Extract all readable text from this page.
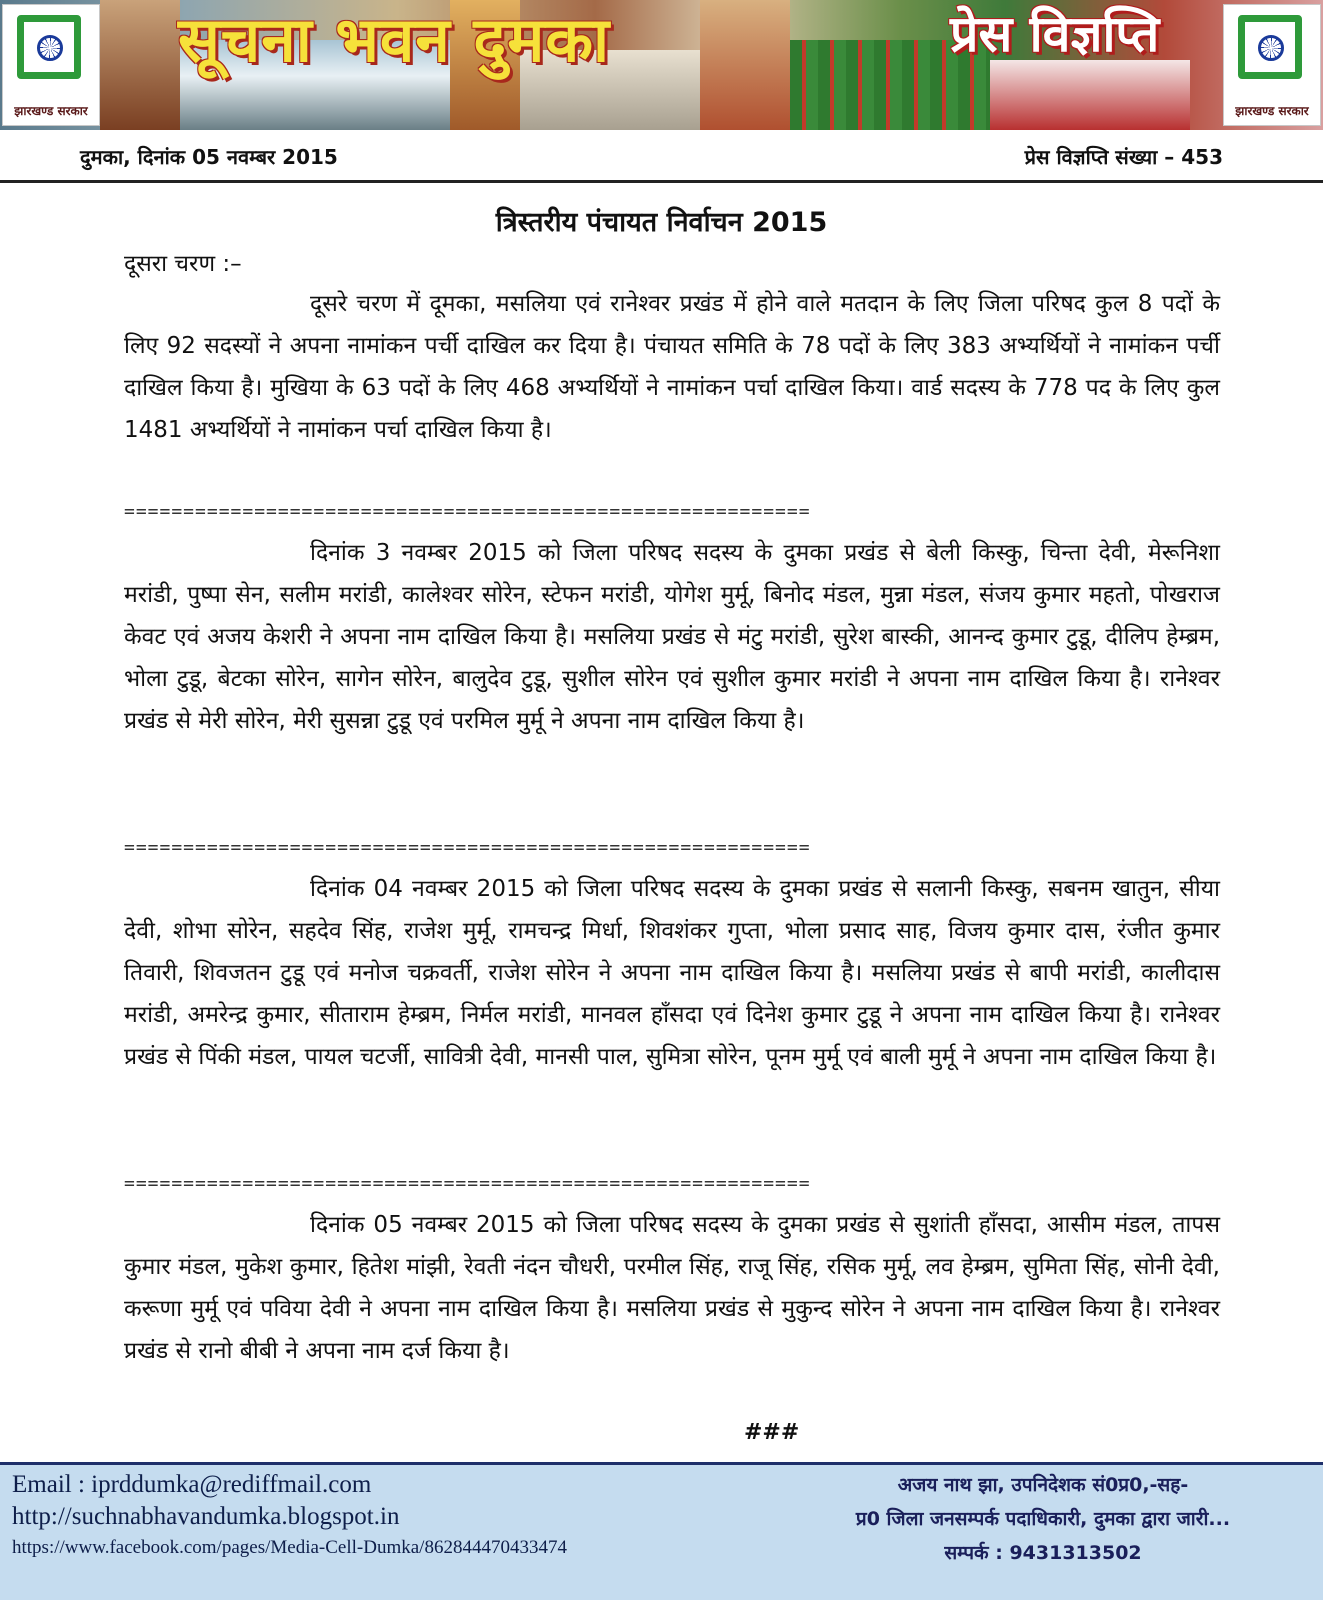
झारखण्ड सरकार
सूचना भवन दुमका	प्रेस विज्ञप्ति
झारखण्ड सरकार
दुमका, दिनांक 05 नवम्बर 2015	प्रेस विज्ञप्ति संख्या – 453
त्रिस्तरीय पंचायत निर्वाचन 2015
दूसरा चरण :–

दूसरे चरण में दूमका, मसलिया एवं रानेश्वर प्रखंड में होने वाले मतदान के लिए जिला परिषद कुल 8 पदों के लिए 92 सदस्यों ने अपना नामांकन पर्ची दाखिल कर दिया है। पंचायत समिति के 78 पदों के लिए 383 अभ्यर्थियों ने नामांकन पर्ची दाखिल किया है। मुखिया के 63 पदों के लिए 468 अभ्यर्थियों ने नामांकन पर्चा दाखिल किया। वार्ड सदस्य के 778 पद के लिए कुल 1481 अभ्यर्थियों ने नामांकन पर्चा दाखिल किया है।

==========================================================

दिनांक 3 नवम्बर 2015 को जिला परिषद सदस्य के दुमका प्रखंड से बेली किस्कु, चिन्ता देवी, मेरूनिशा मरांडी, पुष्पा सेन, सलीम मरांडी, कालेश्वर सोरेन, स्टेफन मरांडी, योगेश मुर्मू, बिनोद मंडल, मुन्ना मंडल, संजय कुमार महतो, पोखराज केवट एवं अजय केशरी ने अपना नाम दाखिल किया है। मसलिया प्रखंड से मंटु मरांडी, सुरेश बास्की, आनन्द कुमार टुडू, दीलिप हेम्ब्रम, भोला टुडू, बेटका सोरेन, सागेन सोरेन, बालुदेव टुडू, सुशील सोरेन एवं सुशील कुमार मरांडी ने अपना नाम दाखिल किया है। रानेश्वर प्रखंड से मेरी सोरेन, मेरी सुसन्ना टुडू एवं परमिल मुर्मू ने अपना नाम दाखिल किया है।

==========================================================

दिनांक 04 नवम्बर 2015 को जिला परिषद सदस्य के दुमका प्रखंड से सलानी किस्कु, सबनम खातुन, सीया देवी, शोभा सोरेन, सहदेव सिंह, राजेश मुर्मू, रामचन्द्र मिर्धा, शिवशंकर गुप्ता, भोला प्रसाद साह, विजय कुमार दास, रंजीत कुमार तिवारी, शिवजतन टुडू एवं मनोज चक्रवर्ती, राजेश सोरेन ने अपना नाम दाखिल किया है। मसलिया प्रखंड से बापी मरांडी, कालीदास मरांडी, अमरेन्द्र कुमार, सीताराम हेम्ब्रम, निर्मल मरांडी, मानवल हाँसदा एवं दिनेश कुमार टुडू ने अपना नाम दाखिल किया है। रानेश्वर प्रखंड से पिंकी मंडल, पायल चटर्जी, सावित्री देवी, मानसी पाल, सुमित्रा सोरेन, पूनम मुर्मू एवं बाली मुर्मू ने अपना नाम दाखिल किया है।

==========================================================

दिनांक 05 नवम्बर 2015 को जिला परिषद सदस्य के दुमका प्रखंड से सुशांती हाँसदा, आसीम मंडल, तापस कुमार मंडल, मुकेश कुमार, हितेश मांझी, रेवती नंदन चौधरी, परमील सिंह, राजू सिंह, रसिक मुर्मू, लव हेम्ब्रम, सुमिता सिंह, सोनी देवी, करूणा मुर्मू एवं पविया देवी ने अपना नाम दाखिल किया है। मसलिया प्रखंड से मुकुन्द सोरेन ने अपना नाम दाखिल किया है। रानेश्वर प्रखंड से रानो बीबी ने अपना नाम दर्ज किया है।

###
Email : iprddumka@rediffmail.com
http://suchnabhavandumka.blogspot.in
https://www.facebook.com/pages/Media-Cell-Dumka/862844470433474
अजय नाथ झा, उपनिदेशक सं0प्र0,-सह-
प्र0 जिला जनसम्पर्क पदाधिकारी, दुमका द्वारा जारी...
सम्पर्क : 9431313502
